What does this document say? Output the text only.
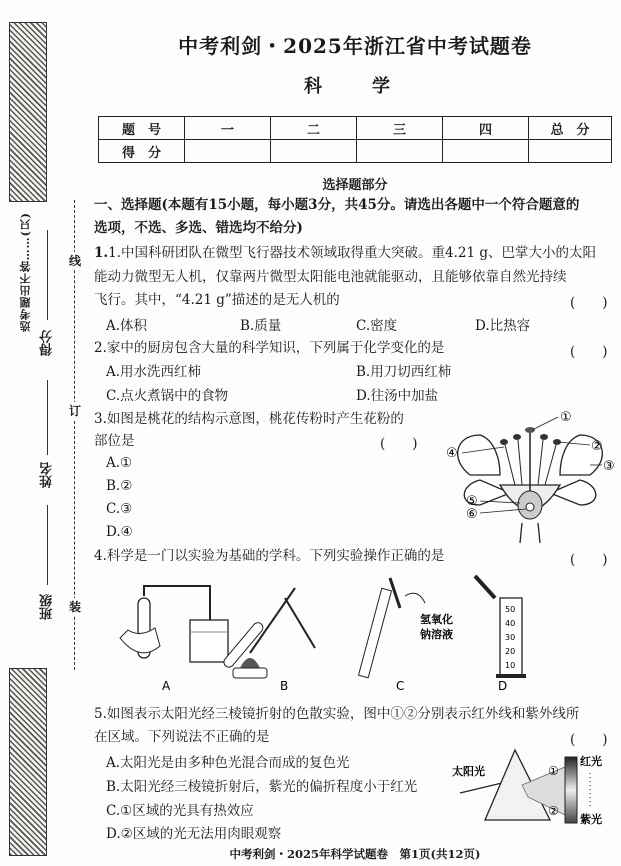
线
订
装
得分
姓名
班级
选考题出不答……(只)
中考利剑・2025年浙江省中考试题卷
科　学
题　号	一	二	三	四	总　分
得　分					
选择题部分
一、选择题(本题有15小题，每小题3分，共45分。请选出各题中一个符合题意的
选项，不选、多选、错选均不给分)
1.1.中国科研团队在微型飞行器技术领域取得重大突破。重4.21 g、巴掌大小的太阳
能动力微型无人机，仅靠两片微型太阳能电池就能驱动，且能够依靠自然光持续
飞行。其中，“4.21 g”描述的是无人机的	(　　)
A.体积	B.质量	C.密度	D.比热容
2.家中的厨房包含大量的科学知识，下列属于化学变化的是	(　　)
A.用水洗西红柿	B.用刀切西红柿
C.点火煮锅中的食物	D.往汤中加盐
3.如图是桃花的结构示意图，桃花传粉时产生花粉的
部位是	(　　)
A.①
B.②
C.③
D.④
①
②
③
④
⑤
⑥
4.科学是一门以实验为基础的学科。下列实验操作正确的是	(　　)
A	B
氢氧化
钠溶液
C
50
40
30
20
10
D
5.如图表示太阳光经三棱镜折射的色散实验，图中①②分别表示红外线和紫外线所
在区域。下列说法不正确的是	(　　)
A.太阳光是由多种色光混合而成的复色光
B.太阳光经三棱镜折射后，紫光的偏折程度小于红光
C.①区域的光具有热效应
D.②区域的光无法用肉眼观察
太阳光	①
②
红光
紫光
中考利剑・2025年科学试题卷　第1页(共12页)
